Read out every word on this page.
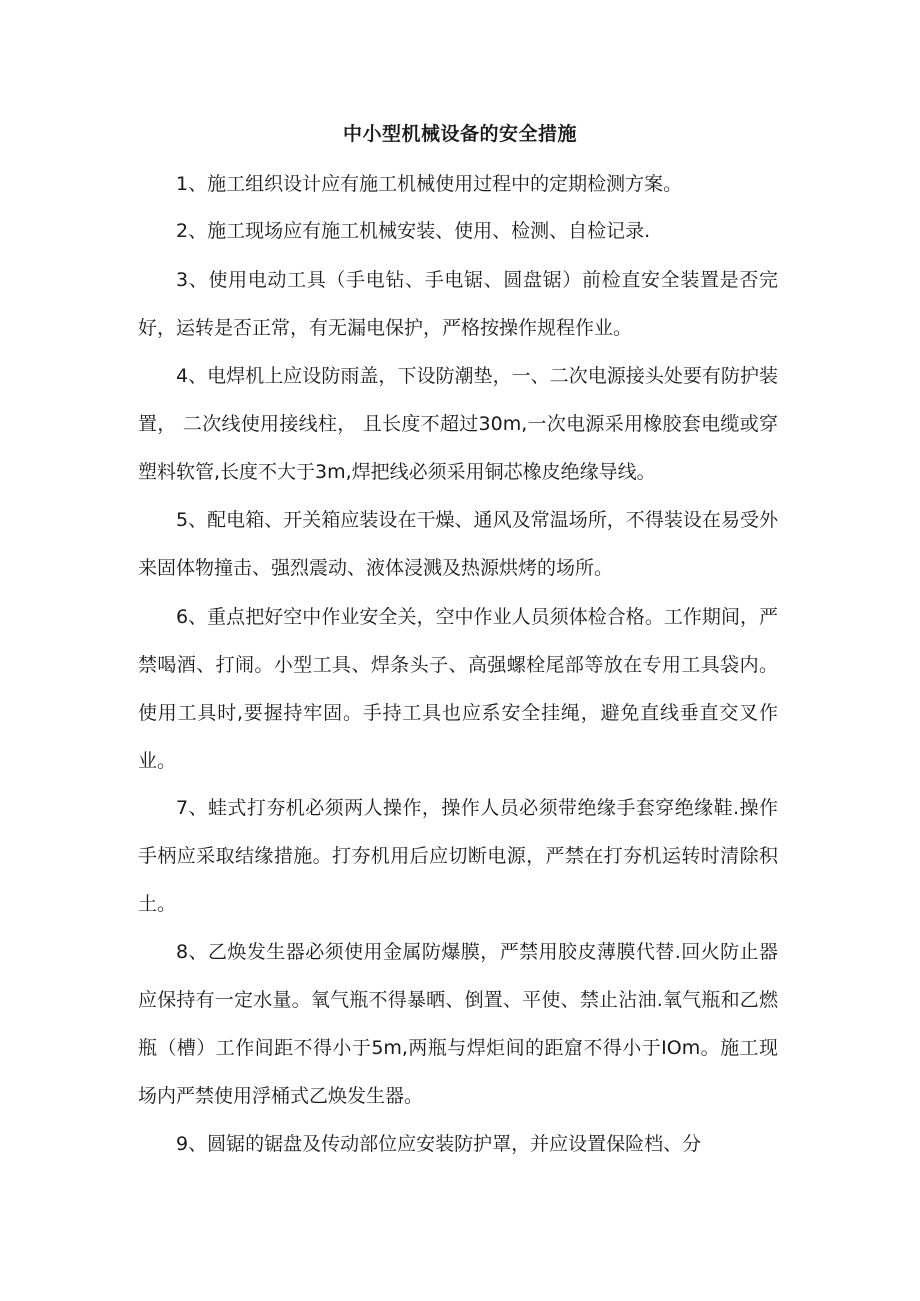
中小型机械设备的安全措施

1、施工组织设计应有施工机械使用过程中的定期检测方案。

2、施工现场应有施工机械安装、使用、检测、自检记录.

3、使用电动工具（手电钻、手电锯、圆盘锯）前检直安全装置是否完好，运转是否正常，有无漏电保护，严格按操作规程作业。

4、电焊机上应设防雨盖，下设防潮垫，一、二次电源接头处要有防护装置， 二次线使用接线柱， 且长度不超过30m,一次电源采用橡胶套电缆或穿塑料软管,长度不大于3m,焊把线必须采用铜芯橡皮绝缘导线。

5、配电箱、开关箱应装设在干燥、通风及常温场所，不得装设在易受外来固体物撞击、强烈震动、液体浸溅及热源烘烤的场所。

6、重点把好空中作业安全关，空中作业人员须体检合格。工作期间，严禁喝酒、打闹。小型工具、焊条头子、高强螺栓尾部等放在专用工具袋内。使用工具时,要握持牢固。手持工具也应系安全挂绳，避免直线垂直交叉作业。

7、蛙式打夯机必须两人操作，操作人员必须带绝缘手套穿绝缘鞋.操作手柄应采取结缘措施。打夯机用后应切断电源，严禁在打夯机运转时清除积土。

8、乙焕发生器必须使用金属防爆膜，严禁用胶皮薄膜代替.回火防止器应保持有一定水量。氧气瓶不得暴晒、倒置、平使、禁止沾油.氧气瓶和乙燃瓶（槽）工作间距不得小于5m,两瓶与焊炬间的距窟不得小于IOm。施工现场内严禁使用浮桶式乙焕发生器。

9、圆锯的锯盘及传动部位应安装防护罩，并应设置保险档、分
